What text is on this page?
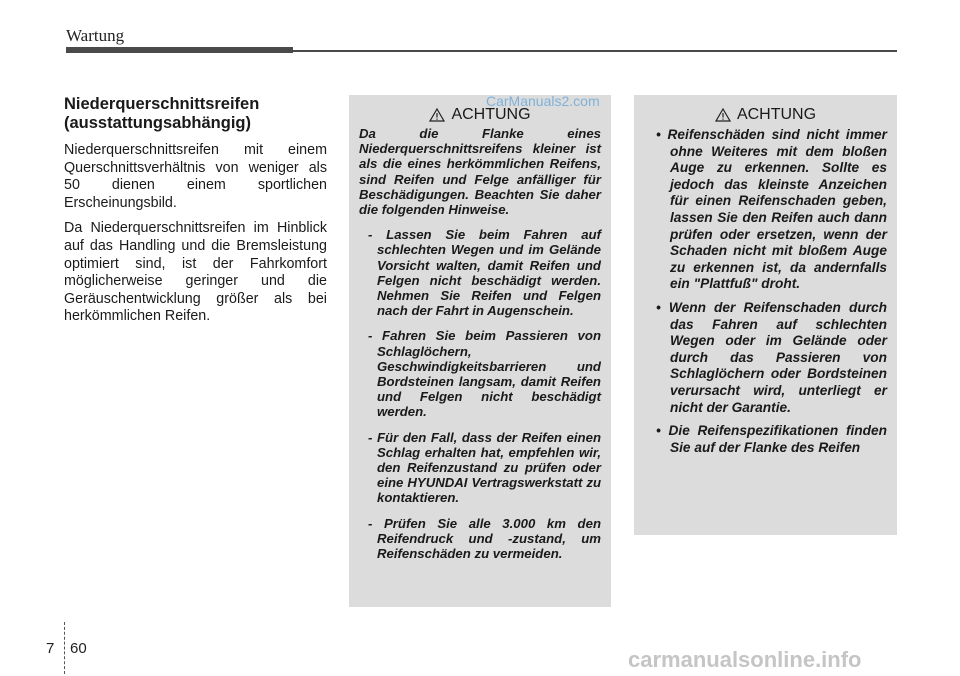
Wartung
Niederquerschnittsreifen (ausstattungsabhängig)

Niederquerschnittsreifen mit einem Querschnittsverhältnis von weniger als 50 dienen einem sportlichen Erscheinungsbild.

Da Niederquerschnittsreifen im Hinblick auf das Handling und die Bremsleistung optimiert sind, ist der Fahrkomfort möglicherweise geringer und die Geräuschentwicklung größer als bei herkömmlichen Reifen.

ACHTUNG

Da die Flanke eines Niederquerschnittsreifens kleiner ist als die eines herkömmlichen Reifens, sind Reifen und Felge anfälliger für Beschädigungen. Beachten Sie daher die folgenden Hinweise.

- Lassen Sie beim Fahren auf schlechten Wegen und im Gelände Vorsicht walten, damit Reifen und Felgen nicht beschädigt werden. Nehmen Sie Reifen und Felgen nach der Fahrt in Augenschein.

- Fahren Sie beim Passieren von Schlaglöchern, Geschwindigkeitsbarrieren und Bordsteinen langsam, damit Reifen und Felgen nicht beschädigt werden.

- Für den Fall, dass der Reifen einen Schlag erhalten hat, empfehlen wir, den Reifenzustand zu prüfen oder eine HYUNDAI Vertragswerkstatt zu kontaktieren.

- Prüfen Sie alle 3.000 km den Reifendruck und -zustand, um Reifenschäden zu vermeiden.

ACHTUNG

• Reifenschäden sind nicht immer ohne Weiteres mit dem bloßen Auge zu erkennen. Sollte es jedoch das kleinste Anzeichen für einen Reifenschaden geben, lassen Sie den Reifen auch dann prüfen oder ersetzen, wenn der Schaden nicht mit bloßem Auge zu erkennen ist, da andernfalls ein "Plattfuß" droht.

• Wenn der Reifenschaden durch das Fahren auf schlechten Wegen oder im Gelände oder durch das Passieren von Schlaglöchern oder Bordsteinen verursacht wird, unterliegt er nicht der Garantie.

• Die Reifenspezifikationen finden Sie auf der Flanke des Reifen

CarManuals2.com
7 60	carmanualsonline.info
